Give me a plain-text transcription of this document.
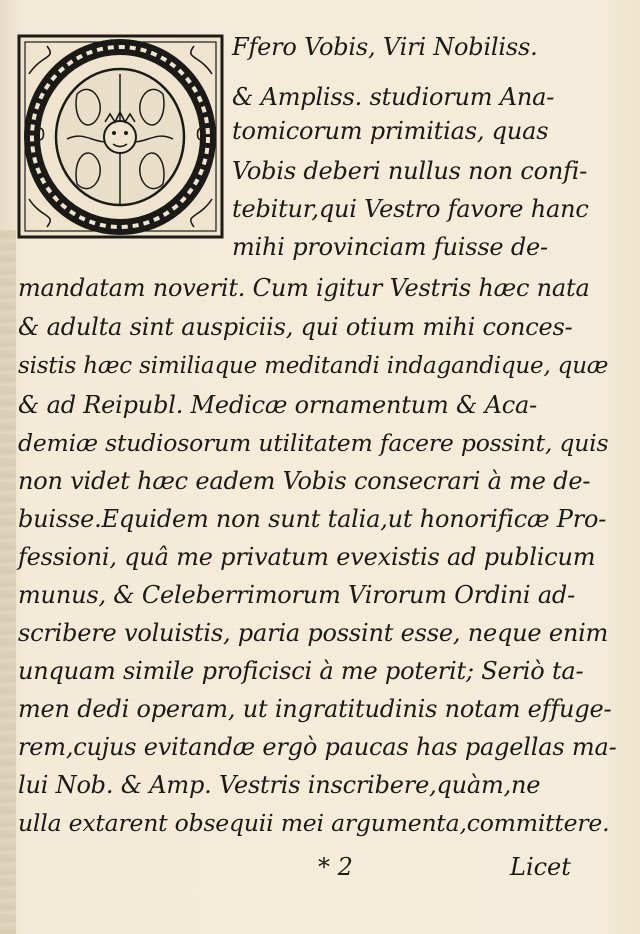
Ffero Vobis, Viri Nobiliss.
& Ampliss. studiorum Ana-
tomicorum primitias, quas
Vobis deberi nullus non confi-
tebitur,qui Vestro favore hanc
mihi provinciam fuisse de-
mandatam noverit. Cum igitur Vestris hæc nata
& adulta sint auspiciis, qui otium mihi conces-
sistis hæc similiaque meditandi indagandique, quæ
& ad Reipubl. Medicæ ornamentum & Aca-
demiæ studiosorum utilitatem facere possint, quis
non videt hæc eadem Vobis consecrari à me de-
buisse.Equidem non sunt talia,ut honorificæ Pro-
fessioni, quâ me privatum evexistis ad publicum
munus, & Celeberrimorum Virorum Ordini ad-
scribere voluistis, paria possint esse, neque enim
unquam simile proficisci à me poterit; Seriò ta-
men dedi operam, ut ingratitudinis notam effuge-
rem,cujus evitandæ ergò paucas has pagellas ma-
lui Nob. & Amp. Vestris inscribere,quàm,ne
ulla extarent obsequii mei argumenta,committere.
* 2	Licet
